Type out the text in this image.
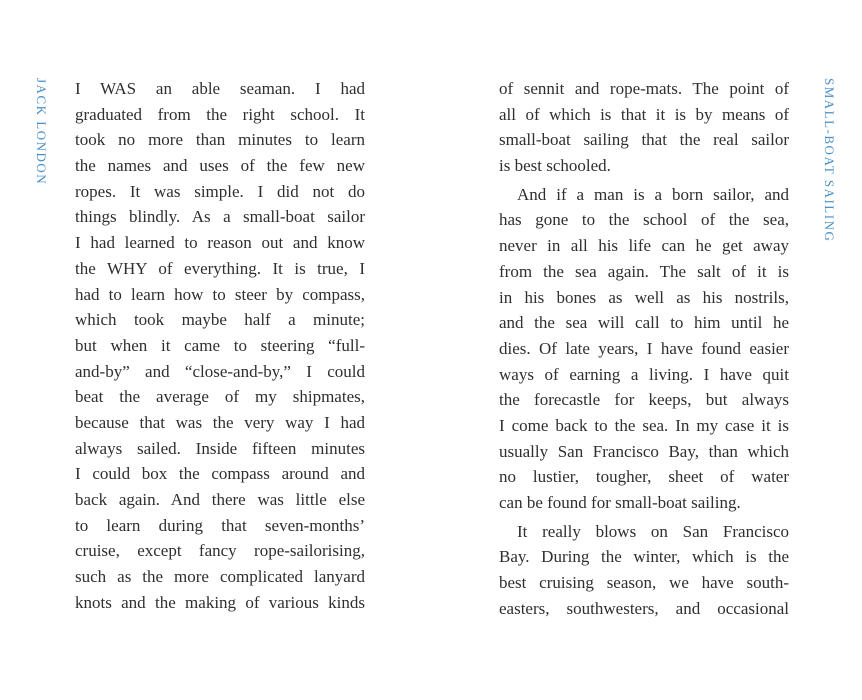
JACK LONDON I WAS an able seaman. I had
graduated from the right school. It
took no more than minutes to learn
the names and uses of the few new
ropes. It was simple. I did not do
things blindly. As a small-boat sailor
I had learned to reason out and know
the WHY of everything. It is true, I
had to learn how to steer by compass,
which took maybe half a minute;
but when it came to steering “full-
and-by” and “close-and-by,” I could
beat the average of my shipmates,
because that was the very way I had
always sailed. Inside fifteen minutes
I could box the compass around and
back again. And there was little else
to learn during that seven-months’
cruise, except fancy rope-sailorising,
such as the more complicated lanyard
knots and the making of various kinds
of sennit and rope-mats. The point of
all of which is that it is by means of
small-boat sailing that the real sailor
is best schooled.
And if a man is a born sailor, and
has gone to the school of the sea,
never in all his life can he get away
from the sea again. The salt of it is
in his bones as well as his nostrils,
and the sea will call to him until he
dies. Of late years, I have found easier
ways of earning a living. I have quit
the forecastle for keeps, but always
I come back to the sea. In my case it is
usually San Francisco Bay, than which
no lustier, tougher, sheet of water
can be found for small-boat sailing.
It really blows on San Francisco
Bay. During the winter, which is the
best cruising season, we have south-
easters, southwesters, and occasional
SMALL-BOAT SAILING
